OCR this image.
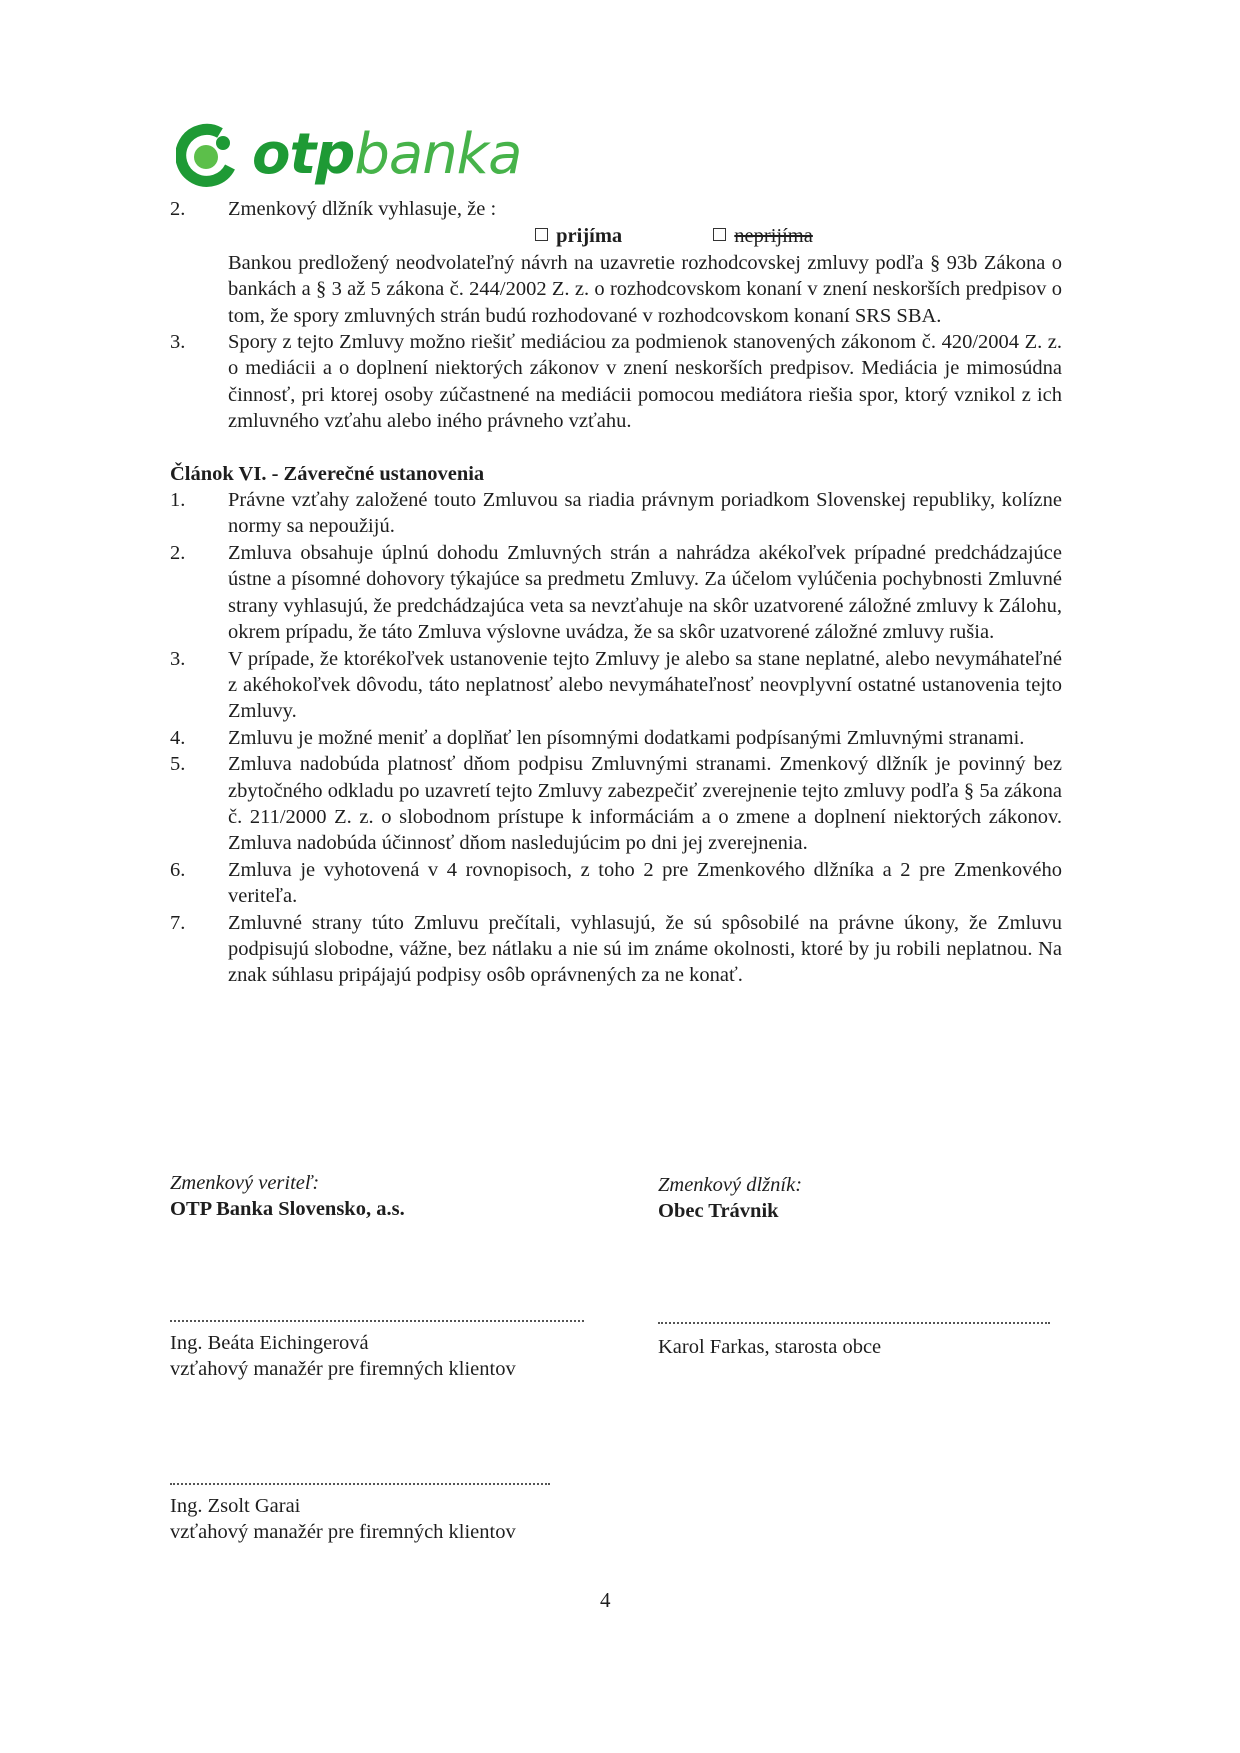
otpbanka
2. Zmenkový dlžník vyhlasuje, že :
prijíma	neprijíma
Bankou predložený neodvolateľný návrh na uzavretie rozhodcovskej zmluvy podľa § 93b Zákona o bankách a § 3 až 5 zákona č. 244/2002 Z. z. o rozhodcovskom konaní v znení neskorších predpisov o tom, že spory zmluvných strán budú rozhodované v rozhodcovskom konaní SRS SBA.
3. Spory z tejto Zmluvy možno riešiť mediáciou za podmienok stanovených zákonom č. 420/2004 Z. z. o mediácii a o doplnení niektorých zákonov v znení neskorších predpisov. Mediácia je mimosúdna činnosť, pri ktorej osoby zúčastnené na mediácii pomocou mediátora riešia spor, ktorý vznikol z ich zmluvného vzťahu alebo iného právneho vzťahu.
Článok VI. - Záverečné ustanovenia
1. Právne vzťahy založené touto Zmluvou sa riadia právnym poriadkom Slovenskej republiky, kolízne normy sa nepoužijú.
2. Zmluva obsahuje úplnú dohodu Zmluvných strán a nahrádza akékoľvek prípadné predchádzajúce ústne a písomné dohovory týkajúce sa predmetu Zmluvy. Za účelom vylúčenia pochybnosti Zmluvné strany vyhlasujú, že predchádzajúca veta sa nevzťahuje na skôr uzatvorené záložné zmluvy k Zálohu, okrem prípadu, že táto Zmluva výslovne uvádza, že sa skôr uzatvorené záložné zmluvy rušia.
3. V prípade, že ktorékoľvek ustanovenie tejto Zmluvy je alebo sa stane neplatné, alebo nevymáhateľné z akéhokoľvek dôvodu, táto neplatnosť alebo nevymáhateľnosť neovplyvní ostatné ustanovenia tejto Zmluvy.
4. Zmluvu je možné meniť a doplňať len písomnými dodatkami podpísanými Zmluvnými stranami.
5. Zmluva nadobúda platnosť dňom podpisu Zmluvnými stranami. Zmenkový dlžník je povinný bez zbytočného odkladu po uzavretí tejto Zmluvy zabezpečiť zverejnenie tejto zmluvy podľa § 5a zákona č. 211/2000 Z. z. o slobodnom prístupe k informáciám a o zmene a doplnení niektorých zákonov. Zmluva nadobúda účinnosť dňom nasledujúcim po dni jej zverejnenia.
6. Zmluva je vyhotovená v 4 rovnopisoch, z toho 2 pre Zmenkového dlžníka a 2 pre Zmenkového veriteľa.
7. Zmluvné strany túto Zmluvu prečítali, vyhlasujú, že sú spôsobilé na právne úkony, že Zmluvu podpisujú slobodne, vážne, bez nátlaku a nie sú im známe okolnosti, ktoré by ju robili neplatnou. Na znak súhlasu pripájajú podpisy osôb oprávnených za ne konať.
Zmenkový veriteľ:
OTP Banka Slovensko, a.s.
Zmenkový dlžník:
Obec Trávnik
Ing. Beáta Eichingerová
vzťahový manažér pre firemných klientov
Karol Farkas, starosta obce
Ing. Zsolt Garai
vzťahový manažér pre firemných klientov
4
